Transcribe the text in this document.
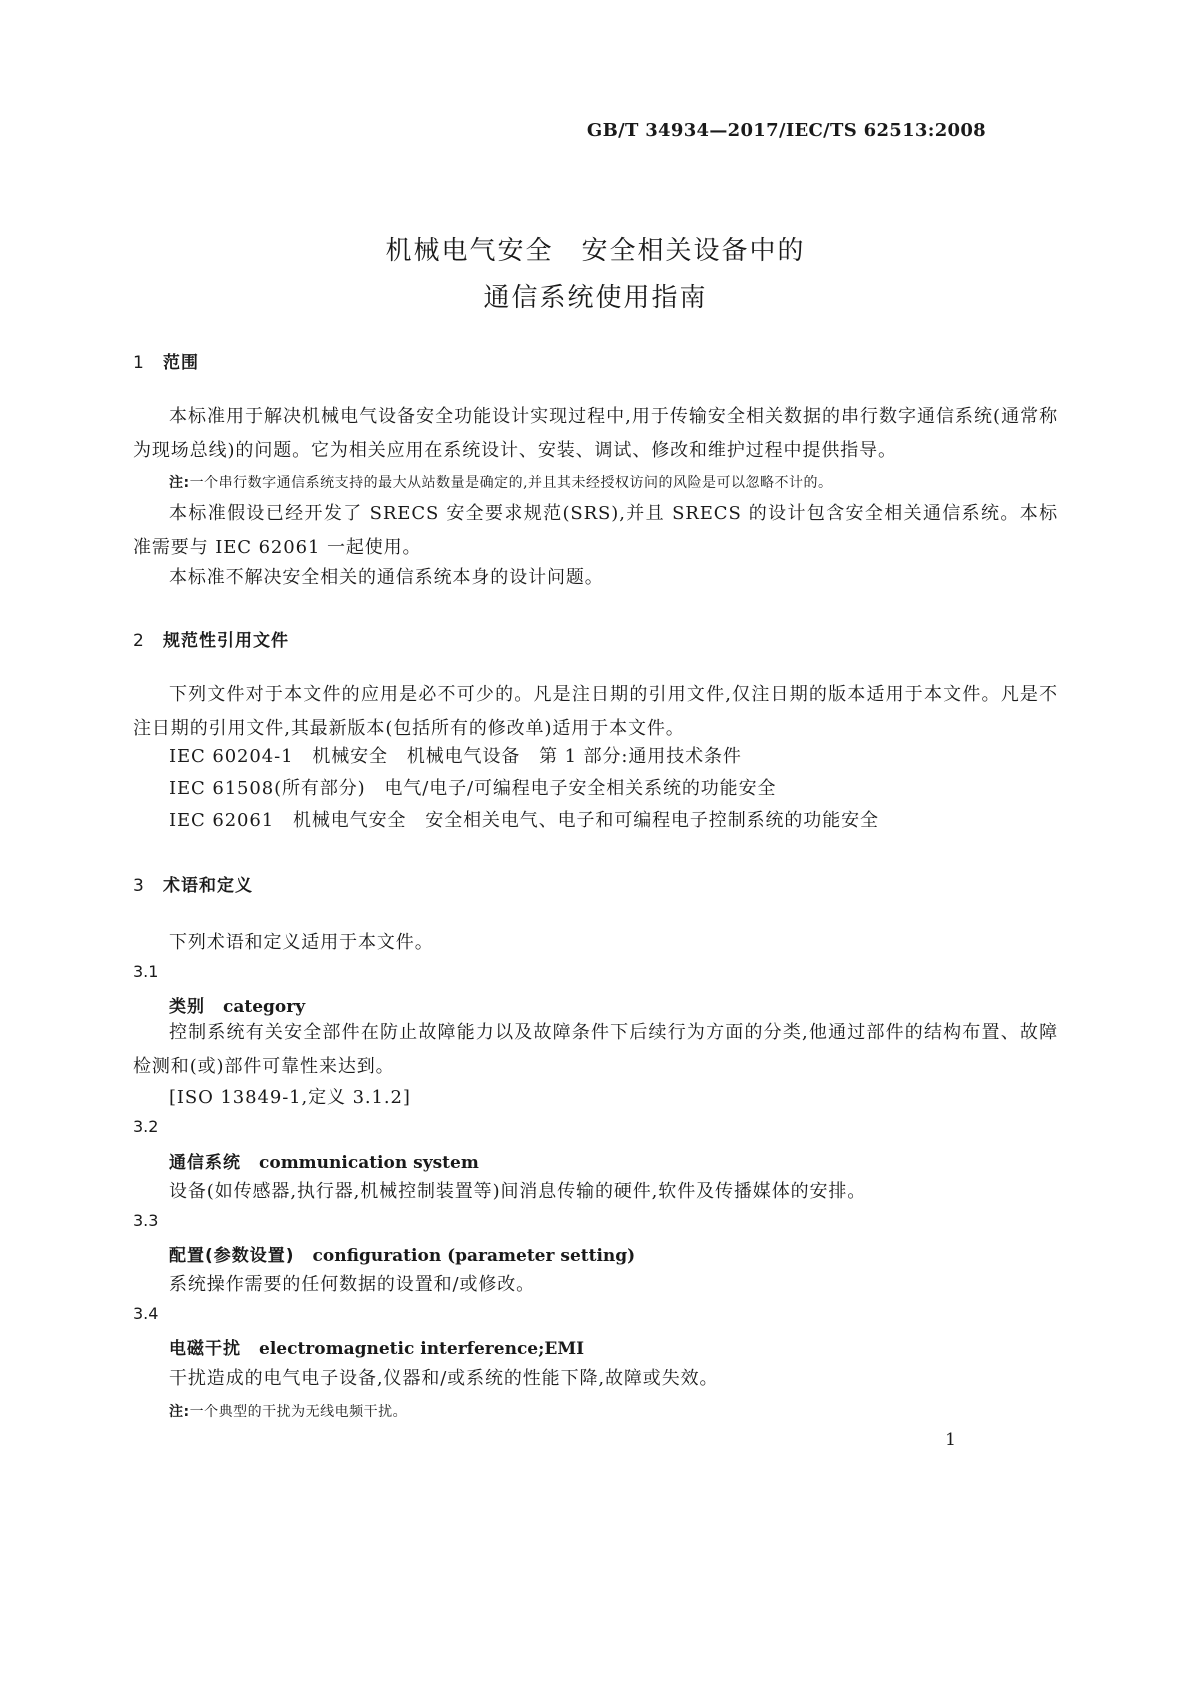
GB/T 34934—2017/IEC/TS 62513:2008
机械电气安全　安全相关设备中的
通信系统使用指南
1 范围
本标准用于解决机械电气设备安全功能设计实现过程中,用于传输安全相关数据的串行数字通信系统(通常称为现场总线)的问题。它为相关应用在系统设计、安装、调试、修改和维护过程中提供指导。
注:一个串行数字通信系统支持的最大从站数量是确定的,并且其未经授权访问的风险是可以忽略不计的。
本标准假设已经开发了 SRECS 安全要求规范(SRS),并且 SRECS 的设计包含安全相关通信系统。本标准需要与 IEC 62061 一起使用。
本标准不解决安全相关的通信系统本身的设计问题。
2 规范性引用文件
下列文件对于本文件的应用是必不可少的。凡是注日期的引用文件,仅注日期的版本适用于本文件。凡是不注日期的引用文件,其最新版本(包括所有的修改单)适用于本文件。
IEC 60204-1　机械安全　机械电气设备　第 1 部分:通用技术条件
IEC 61508(所有部分)　电气/电子/可编程电子安全相关系统的功能安全
IEC 62061　机械电气安全　安全相关电气、电子和可编程电子控制系统的功能安全
3 术语和定义
下列术语和定义适用于本文件。
3.1
类别 category
控制系统有关安全部件在防止故障能力以及故障条件下后续行为方面的分类,他通过部件的结构布置、故障检测和(或)部件可靠性来达到。
[ISO 13849-1,定义 3.1.2]
3.2
通信系统 communication system
设备(如传感器,执行器,机械控制装置等)间消息传输的硬件,软件及传播媒体的安排。
3.3
配置(参数设置) configuration (parameter setting)
系统操作需要的任何数据的设置和/或修改。
3.4
电磁干扰 electromagnetic interference;EMI
干扰造成的电气电子设备,仪器和/或系统的性能下降,故障或失效。
注:一个典型的干扰为无线电频干扰。
1
